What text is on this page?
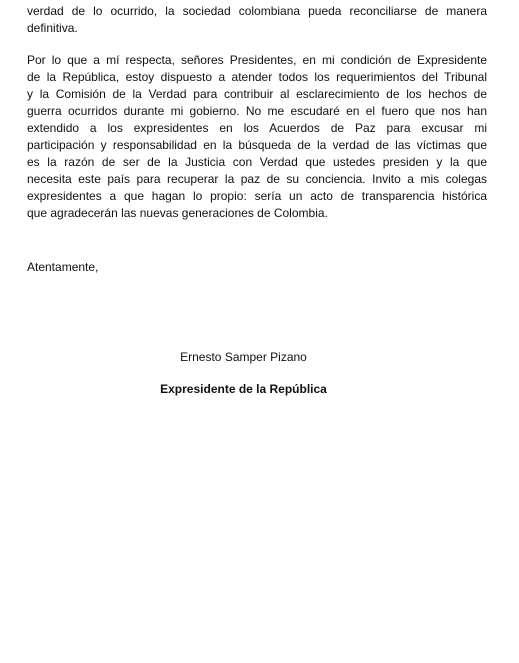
verdad de lo ocurrido, la sociedad colombiana pueda reconciliarse de manera
definitiva.
Por lo que a mí respecta, señores Presidentes, en mi condición de Expresidente
de la República, estoy dispuesto a atender todos los requerimientos del Tribunal
y la Comisión de la Verdad para contribuir al esclarecimiento de los hechos de
guerra ocurridos durante mi gobierno. No me escudaré en el fuero que nos han
extendido a los expresidentes en los Acuerdos de Paz para excusar mi
participación y responsabilidad en la búsqueda de la verdad de las víctimas que
es la razón de ser de la Justicia con Verdad que ustedes presiden y la que
necesita este país para recuperar la paz de su conciencia. Invito a mis colegas
expresidentes a que hagan lo propio: sería un acto de transparencia histórica
que agradecerán las nuevas generaciones de Colombia.

Atentamente,

Ernesto Samper Pizano

Expresidente de la República
